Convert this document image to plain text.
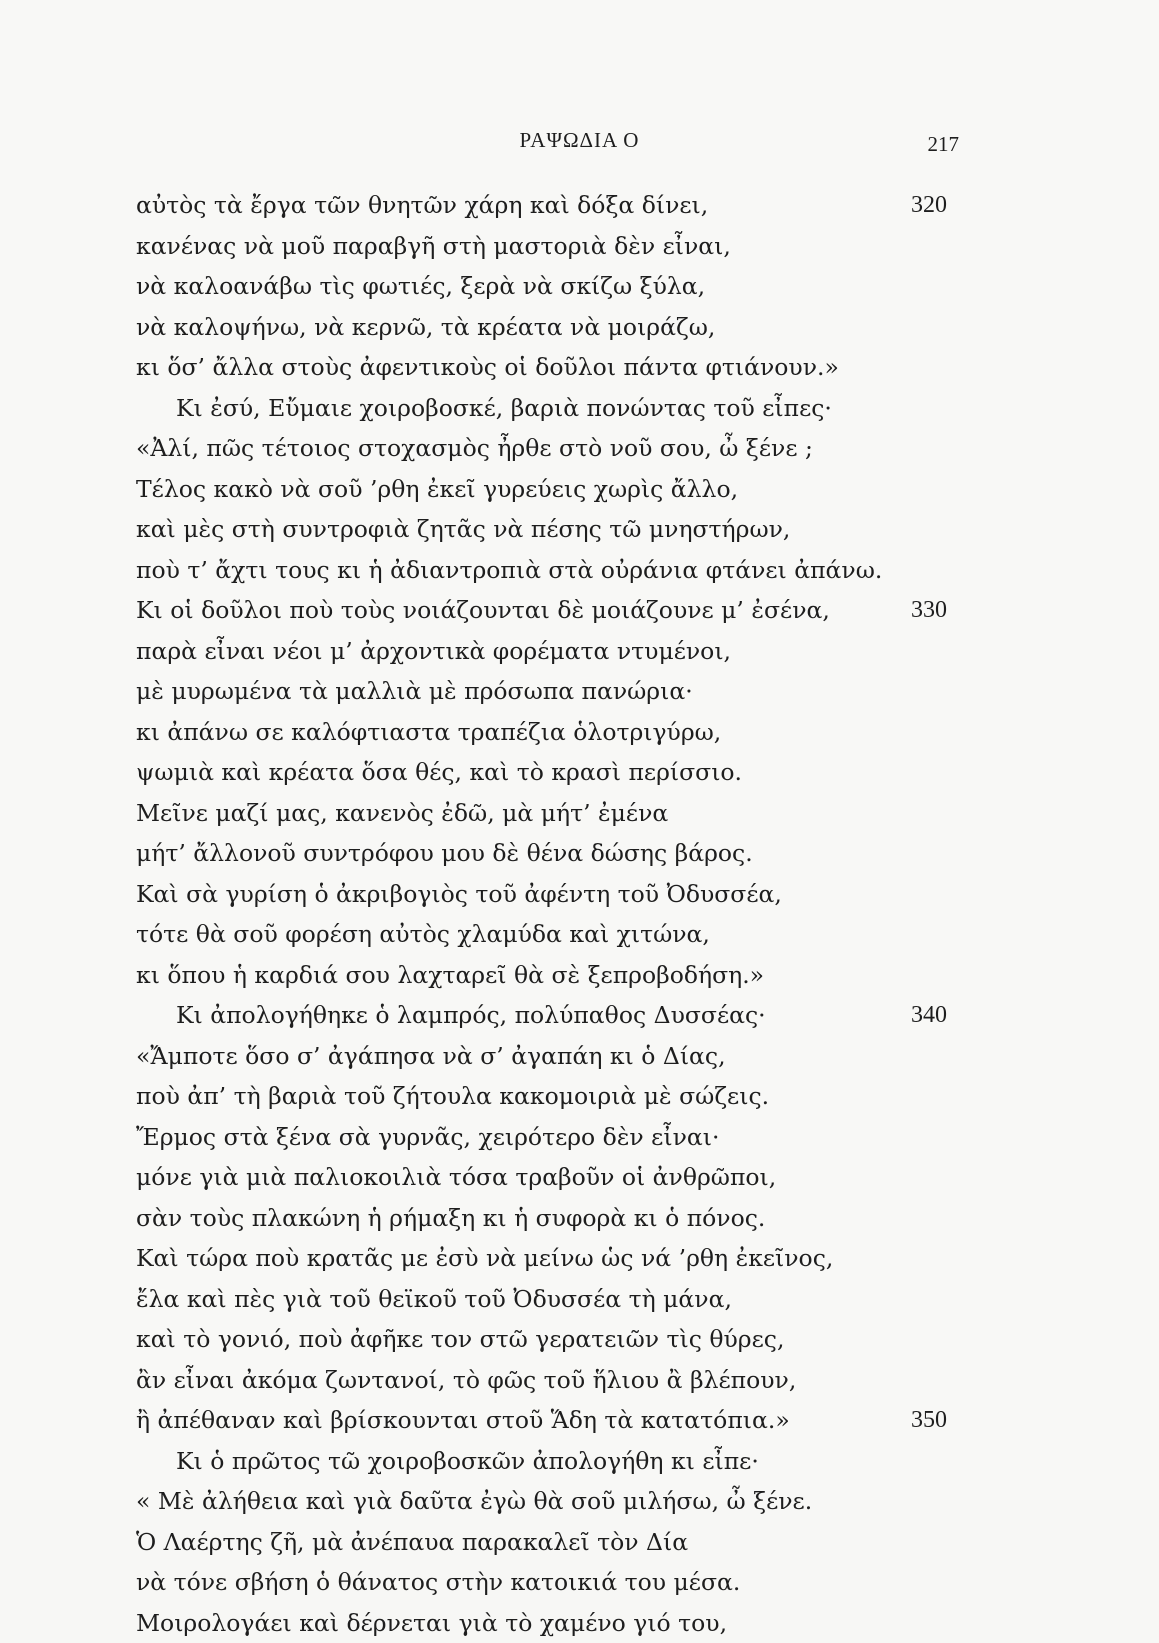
ΡΑΨΩΔΙΑ Ο	217
αὐτὸς τὰ ἔργα τῶν θνητῶν χάρη καὶ δόξα δίνει,	320
κανένας νὰ μοῦ παραβγῆ στὴ μαστοριὰ δὲν εἶναι,
νὰ καλοανάβω τὶς φωτιές, ξερὰ νὰ σκίζω ξύλα,
νὰ καλοψήνω, νὰ κερνῶ, τὰ κρέατα νὰ μοιράζω,
κι ὅσ’ ἄλλα στοὺς ἀφεντικοὺς οἱ δοῦλοι πάντα φτιάνουν.»
Κι ἐσύ, Εὔμαιε χοιροβοσκέ, βαριὰ πονώντας τοῦ εἶπες·
«Ἀλί, πῶς τέτοιος στοχασμὸς ἦρθε στὸ νοῦ σου, ὦ ξένε ;
Τέλος κακὸ νὰ σοῦ ’ρθη ἐκεῖ γυρεύεις χωρὶς ἄλλο,
καὶ μὲς στὴ συντροφιὰ ζητᾶς νὰ πέσης τῶ μνηστήρων,
ποὺ τ’ ἄχτι τους κι ἡ ἀδιαντροπιὰ στὰ οὐράνια φτάνει ἀπάνω.
Κι οἱ δοῦλοι ποὺ τοὺς νοιάζουνται δὲ μοιάζουνε μ’ ἐσένα,	330
παρὰ εἶναι νέοι μ’ ἀρχοντικὰ φορέματα ντυμένοι,
μὲ μυρωμένα τὰ μαλλιὰ μὲ πρόσωπα πανώρια·
κι ἀπάνω σε καλόφτιαστα τραπέζια ὁλοτριγύρω,
ψωμιὰ καὶ κρέατα ὅσα θές, καὶ τὸ κρασὶ περίσσιο.
Μεῖνε μαζί μας, κανενὸς ἐδῶ, μὰ μήτ’ ἐμένα
μήτ’ ἄλλονοῦ συντρόφου μου δὲ θένα δώσης βάρος.
Καὶ σὰ γυρίση ὁ ἀκριβογιὸς τοῦ ἀφέντη τοῦ Ὀδυσσέα,
τότε θὰ σοῦ φορέση αὐτὸς χλαμύδα καὶ χιτώνα,
κι ὅπου ἡ καρδιά σου λαχταρεῖ θὰ σὲ ξεπροβοδήση.»
Κι ἀπολογήθηκε ὁ λαμπρός, πολύπαθος Δυσσέας·	340
«Ἄμποτε ὅσο σ’ ἀγάπησα νὰ σ’ ἀγαπάη κι ὁ Δίας,
ποὺ ἀπ’ τὴ βαριὰ τοῦ ζήτουλα κακομοιριὰ μὲ σώζεις.
Ἔρμος στὰ ξένα σὰ γυρνᾶς, χειρότερο δὲν εἶναι·
μόνε γιὰ μιὰ παλιοκοιλιὰ τόσα τραβοῦν οἱ ἀνθρῶποι,
σὰν τοὺς πλακώνη ἡ ρήμαξη κι ἡ συφορὰ κι ὁ πόνος.
Καὶ τώρα ποὺ κρατᾶς με ἐσὺ νὰ μείνω ὡς νά ’ρθη ἐκεῖνος,
ἔλα καὶ πὲς γιὰ τοῦ θεϊκοῦ τοῦ Ὀδυσσέα τὴ μάνα,
καὶ τὸ γονιό, ποὺ ἀφῆκε τον στῶ γερατειῶν τὶς θύρες,
ἂν εἶναι ἀκόμα ζωντανοί, τὸ φῶς τοῦ ἥλιου ἂ βλέπουν,
ἢ ἀπέθαναν καὶ βρίσκουνται στοῦ Ἅδη τὰ κατατόπια.»	350
Κι ὁ πρῶτος τῶ χοιροβοσκῶν ἀπολογήθη κι εἶπε·
« Μὲ ἀλήθεια καὶ γιὰ δαῦτα ἐγὼ θὰ σοῦ μιλήσω, ὦ ξένε.
Ὁ Λαέρτης ζῆ, μὰ ἀνέπαυα παρακαλεῖ τὸν Δία
νὰ τόνε σβήση ὁ θάνατος στὴν κατοικιά του μέσα.
Μοιρολογάει καὶ δέρνεται γιὰ τὸ χαμένο γιό του,
